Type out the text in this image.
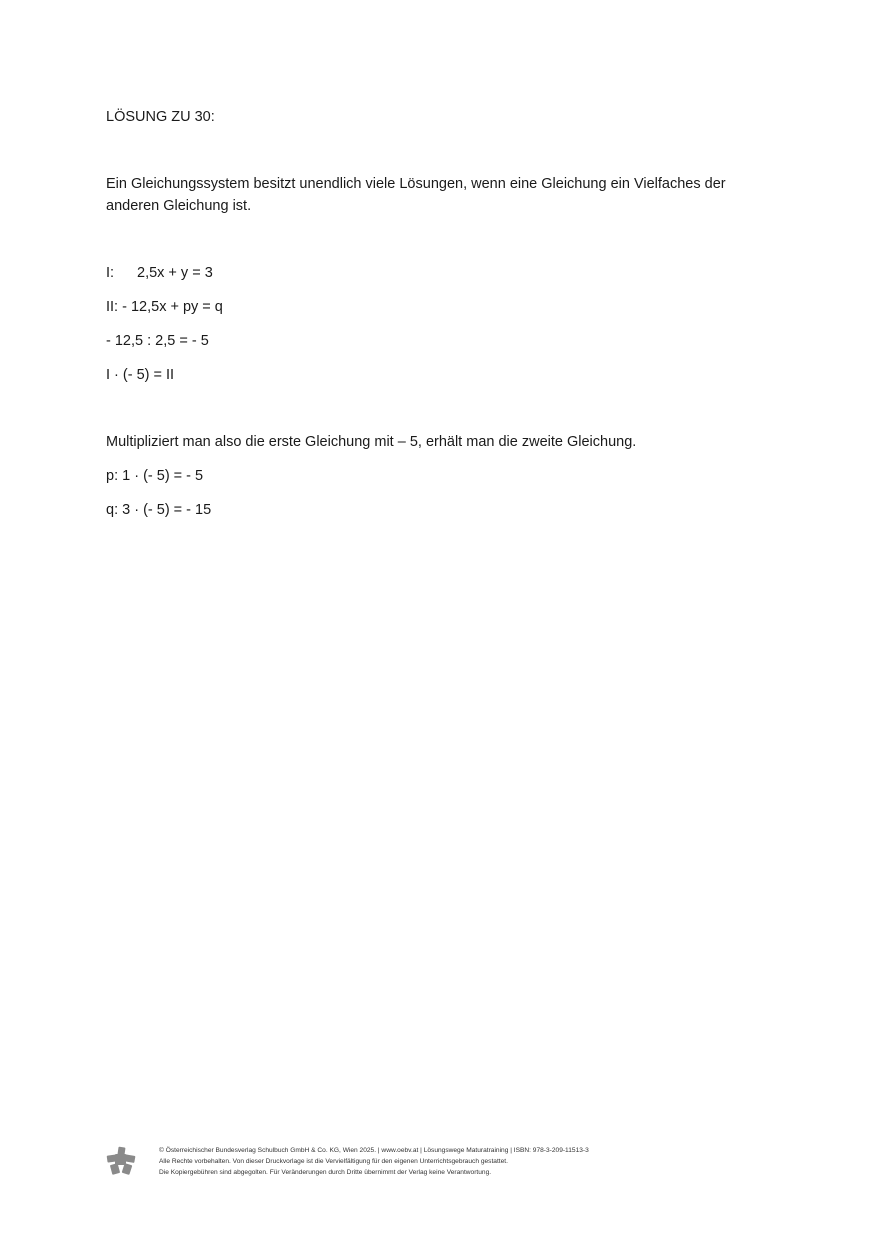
LÖSUNG ZU 30:
Ein Gleichungssystem besitzt unendlich viele Lösungen, wenn eine Gleichung ein Vielfaches der
anderen Gleichung ist.
I: 2,5x + y = 3
II: - 12,5x + py = q
- 12,5 : 2,5 = - 5
I · (- 5) = II
Multipliziert man also die erste Gleichung mit – 5, erhält man die zweite Gleichung.
p: 1 · (- 5) = - 5
q: 3 · (- 5) = - 15
© Österreichischer Bundesverlag Schulbuch GmbH & Co. KG, Wien 2025. | www.oebv.at | Lösungswege Maturatraining | ISBN: 978-3-209-11513-3
Alle Rechte vorbehalten. Von dieser Druckvorlage ist die Vervielfältigung für den eigenen Unterrichtsgebrauch gestattet.
Die Kopiergebühren sind abgegolten. Für Veränderungen durch Dritte übernimmt der Verlag keine Verantwortung.
